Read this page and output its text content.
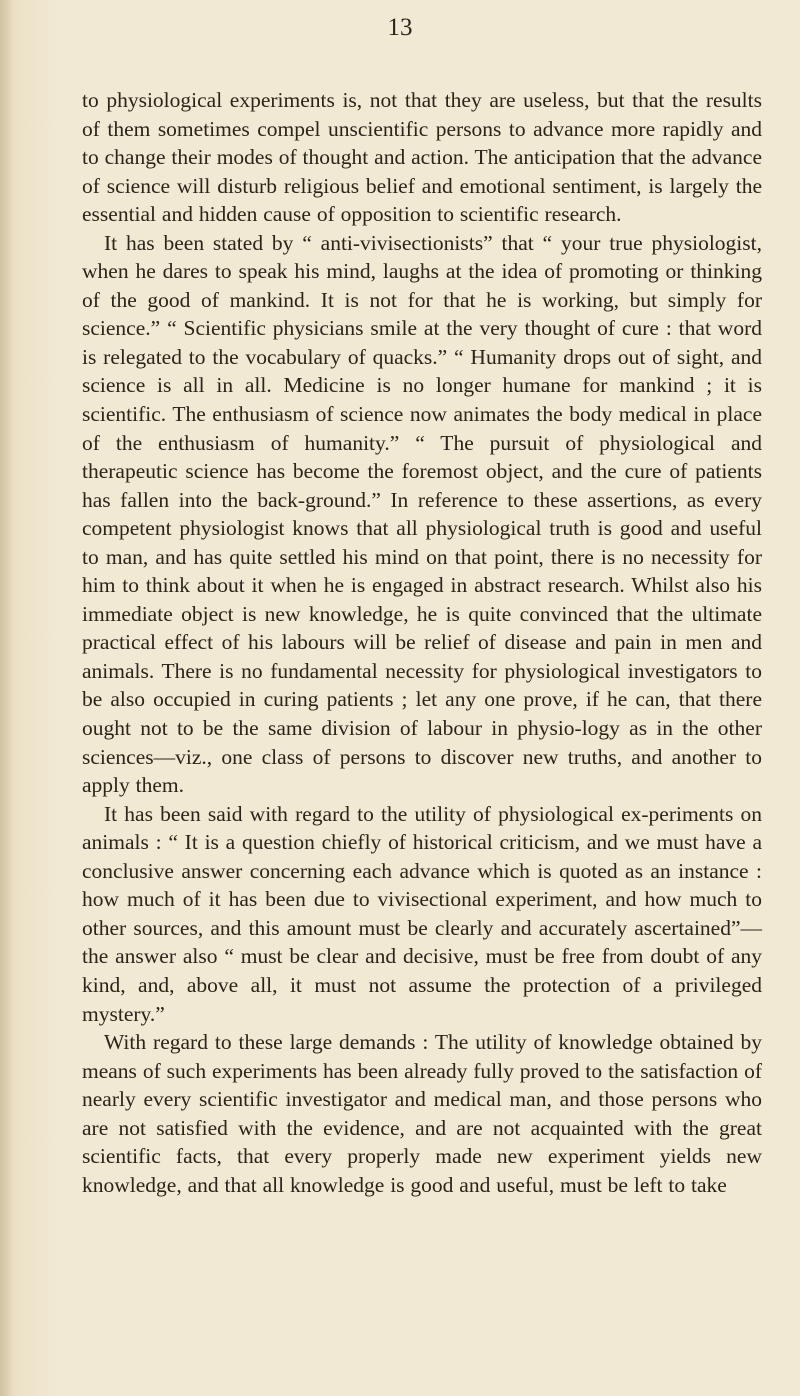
13

to physiological experiments is, not that they are useless, but that the results of them sometimes compel unscientific persons to advance more rapidly and to change their modes of thought and action. The anticipation that the advance of science will disturb religious belief and emotional sentiment, is largely the essential and hidden cause of opposition to scientific research.

It has been stated by “ anti-vivisectionists” that “ your true physiologist, when he dares to speak his mind, laughs at the idea of promoting or thinking of the good of mankind. It is not for that he is working, but simply for science.” “ Scientific physicians smile at the very thought of cure : that word is relegated to the vocabulary of quacks.” “ Humanity drops out of sight, and science is all in all. Medicine is no longer humane for mankind ; it is scientific. The enthusiasm of science now animates the body medical in place of the enthusiasm of humanity.” “ The pursuit of physiological and therapeutic science has become the foremost object, and the cure of patients has fallen into the back-ground.” In reference to these assertions, as every competent physiologist knows that all physiological truth is good and useful to man, and has quite settled his mind on that point, there is no necessity for him to think about it when he is engaged in abstract research. Whilst also his immediate object is new knowledge, he is quite convinced that the ultimate practical effect of his labours will be relief of disease and pain in men and animals. There is no fundamental necessity for physiological investigators to be also occupied in curing patients ; let any one prove, if he can, that there ought not to be the same division of labour in physio-logy as in the other sciences—viz., one class of persons to discover new truths, and another to apply them.

It has been said with regard to the utility of physiological ex-periments on animals : “ It is a question chiefly of historical criticism, and we must have a conclusive answer concerning each advance which is quoted as an instance : how much of it has been due to vivisectional experiment, and how much to other sources, and this amount must be clearly and accurately ascertained”—the answer also “ must be clear and decisive, must be free from doubt of any kind, and, above all, it must not assume the protection of a privileged mystery.”

With regard to these large demands : The utility of knowledge obtained by means of such experiments has been already fully proved to the satisfaction of nearly every scientific investigator and medical man, and those persons who are not satisfied with the evidence, and are not acquainted with the great scientific facts, that every properly made new experiment yields new knowledge, and that all knowledge is good and useful, must be left to take
